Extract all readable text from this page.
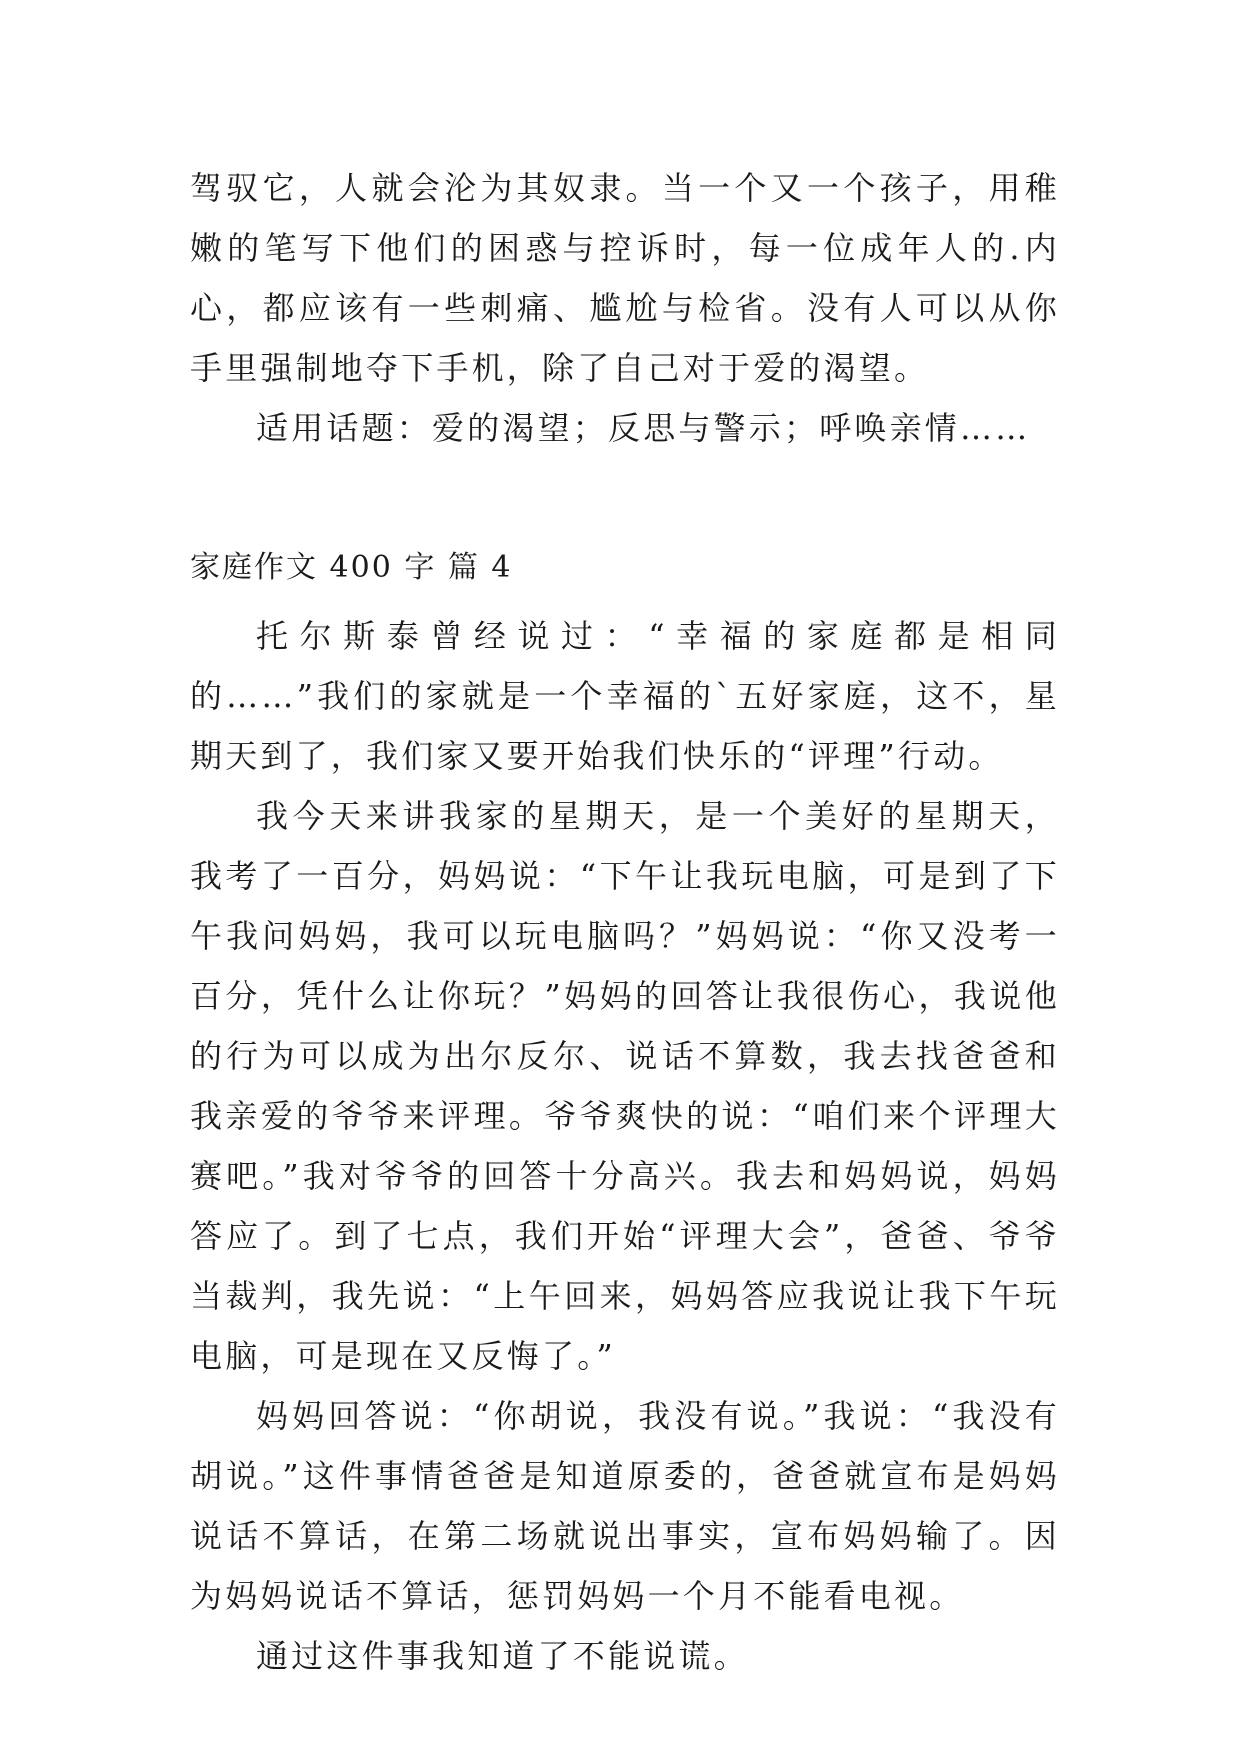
驾驭它，人就会沦为其奴隶。当一个又一个孩子，用稚嫩的笔写下他们的困惑与控诉时，每一位成年人的.内心，都应该有一些刺痛、尴尬与检省。没有人可以从你手里强制地夺下手机，除了自己对于爱的渴望。

适用话题：爱的渴望；反思与警示；呼唤亲情……

家庭作文 400 字 篇 4

托尔斯泰曾经说过：“幸福的家庭都是相同的……”我们的家就是一个幸福的`五好家庭，这不，星期天到了，我们家又要开始我们快乐的“评理”行动。

我今天来讲我家的星期天，是一个美好的星期天，我考了一百分，妈妈说：“下午让我玩电脑，可是到了下午我问妈妈，我可以玩电脑吗？”妈妈说：“你又没考一百分，凭什么让你玩？”妈妈的回答让我很伤心，我说他的行为可以成为出尔反尔、说话不算数，我去找爸爸和我亲爱的爷爷来评理。爷爷爽快的说：“咱们来个评理大赛吧。”我对爷爷的回答十分高兴。我去和妈妈说，妈妈答应了。到了七点，我们开始“评理大会”，爸爸、爷爷当裁判，我先说：“上午回来，妈妈答应我说让我下午玩电脑，可是现在又反悔了。”

妈妈回答说：“你胡说，我没有说。”我说：“我没有胡说。”这件事情爸爸是知道原委的，爸爸就宣布是妈妈说话不算话，在第二场就说出事实，宣布妈妈输了。因为妈妈说话不算话，惩罚妈妈一个月不能看电视。

通过这件事我知道了不能说谎。
